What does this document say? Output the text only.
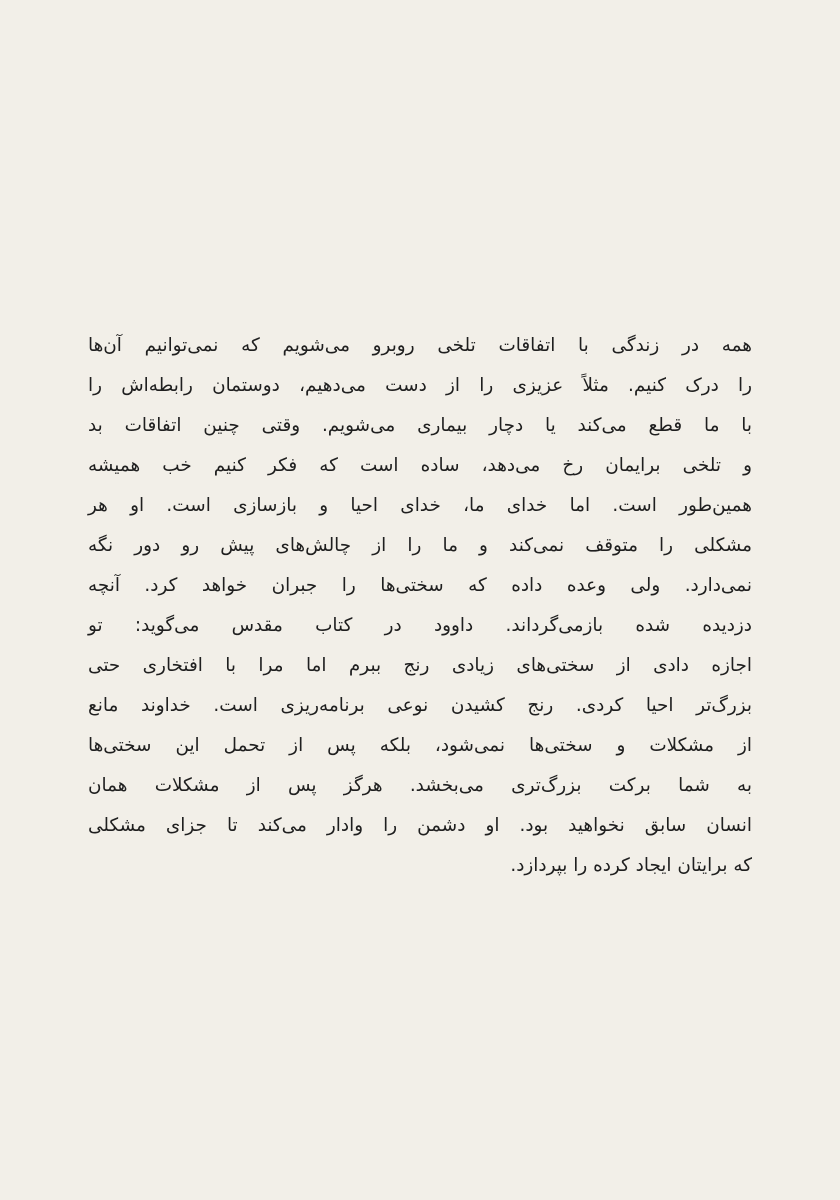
همه در زندگی با اتفاقات تلخی روبرو می‌شویم که نمی‌توانیم آن‌ها
را درک کنیم. مثلاً عزیزی را از دست می‌دهیم، دوستمان رابطه‌اش را
با ما قطع می‌کند یا دچار بیماری می‌شویم. وقتی چنین اتفاقات بد
و تلخی برایمان رخ می‌دهد، ساده است که فکر کنیم خب همیشه
همین‌طور است. اما خدای ما، خدای احیا و بازسازی است. او هر
مشکلی را متوقف نمی‌کند و ما را از چالش‌های پیش رو دور نگه
نمی‌دارد. ولی وعده داده که سختی‌ها را جبران خواهد کرد. آنچه
دزدیده شده بازمی‌گرداند. داوود در کتاب مقدس می‌گوید: تو
اجازه دادی از سختی‌های زیادی رنج ببرم اما مرا با افتخاری حتی
بزرگ‌تر احیا کردی. رنج کشیدن نوعی برنامه‌ریزی است. خداوند مانع
از مشکلات و سختی‌ها نمی‌شود، بلکه پس از تحمل این سختی‌ها
به شما برکت بزرگ‌تری می‌بخشد. هرگز پس از مشکلات همان
انسان سابق نخواهید بود. او دشمن را وادار می‌کند تا جزای مشکلی
که برایتان ایجاد کرده را بپردازد.
